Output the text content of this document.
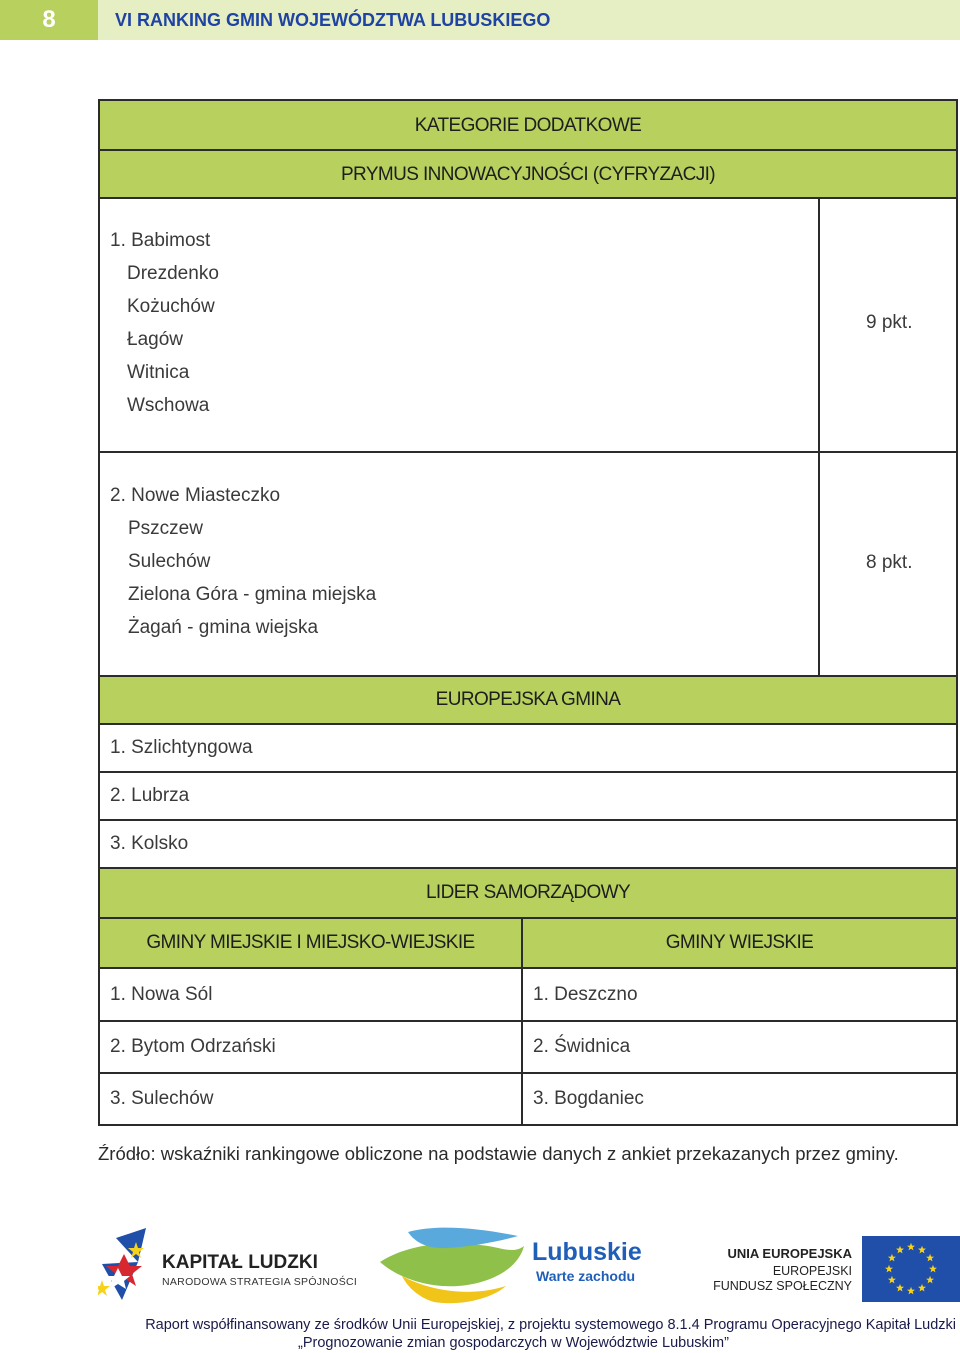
8	VI RANKING GMIN WOJEWÓDZTWA LUBUSKIEGO
KATEGORIE DODATKOWE
PRYMUS INNOWACYJNOŚCI (CYFRYZACJI)
1. Babimost
Drezdenko
Kożuchów
Łagów
Witnica
Wschowa
9 pkt.
2. Nowe Miasteczko
Pszczew
Sulechów
Zielona Góra - gmina miejska
Żagań - gmina wiejska
8 pkt.
EUROPEJSKA GMINA
1. Szlichtyngowa
2. Lubrza
3. Kolsko
LIDER SAMORZĄDOWY
GMINY MIEJSKIE I MIEJSKO-WIEJSKIE	GMINY WIEJSKIE
1. Nowa Sól	1. Deszczno
2. Bytom Odrzański	2. Świdnica
3. Sulechów	3. Bogdaniec
Źródło: wskaźniki rankingowe obliczone na podstawie danych z ankiet przekazanych przez gminy.
KAPITAŁ LUDZKI
NARODOWA STRATEGIA SPÓJNOŚCI
Lubuskie
Warte zachodu
UNIA EUROPEJSKA
EUROPEJSKI
FUNDUSZ SPOŁECZNY
Raport współfinansowany ze środków Unii Europejskiej, z projektu systemowego 8.1.4 Programu Operacyjnego Kapitał Ludzki
„Prognozowanie zmian gospodarczych w Województwie Lubuskim”
